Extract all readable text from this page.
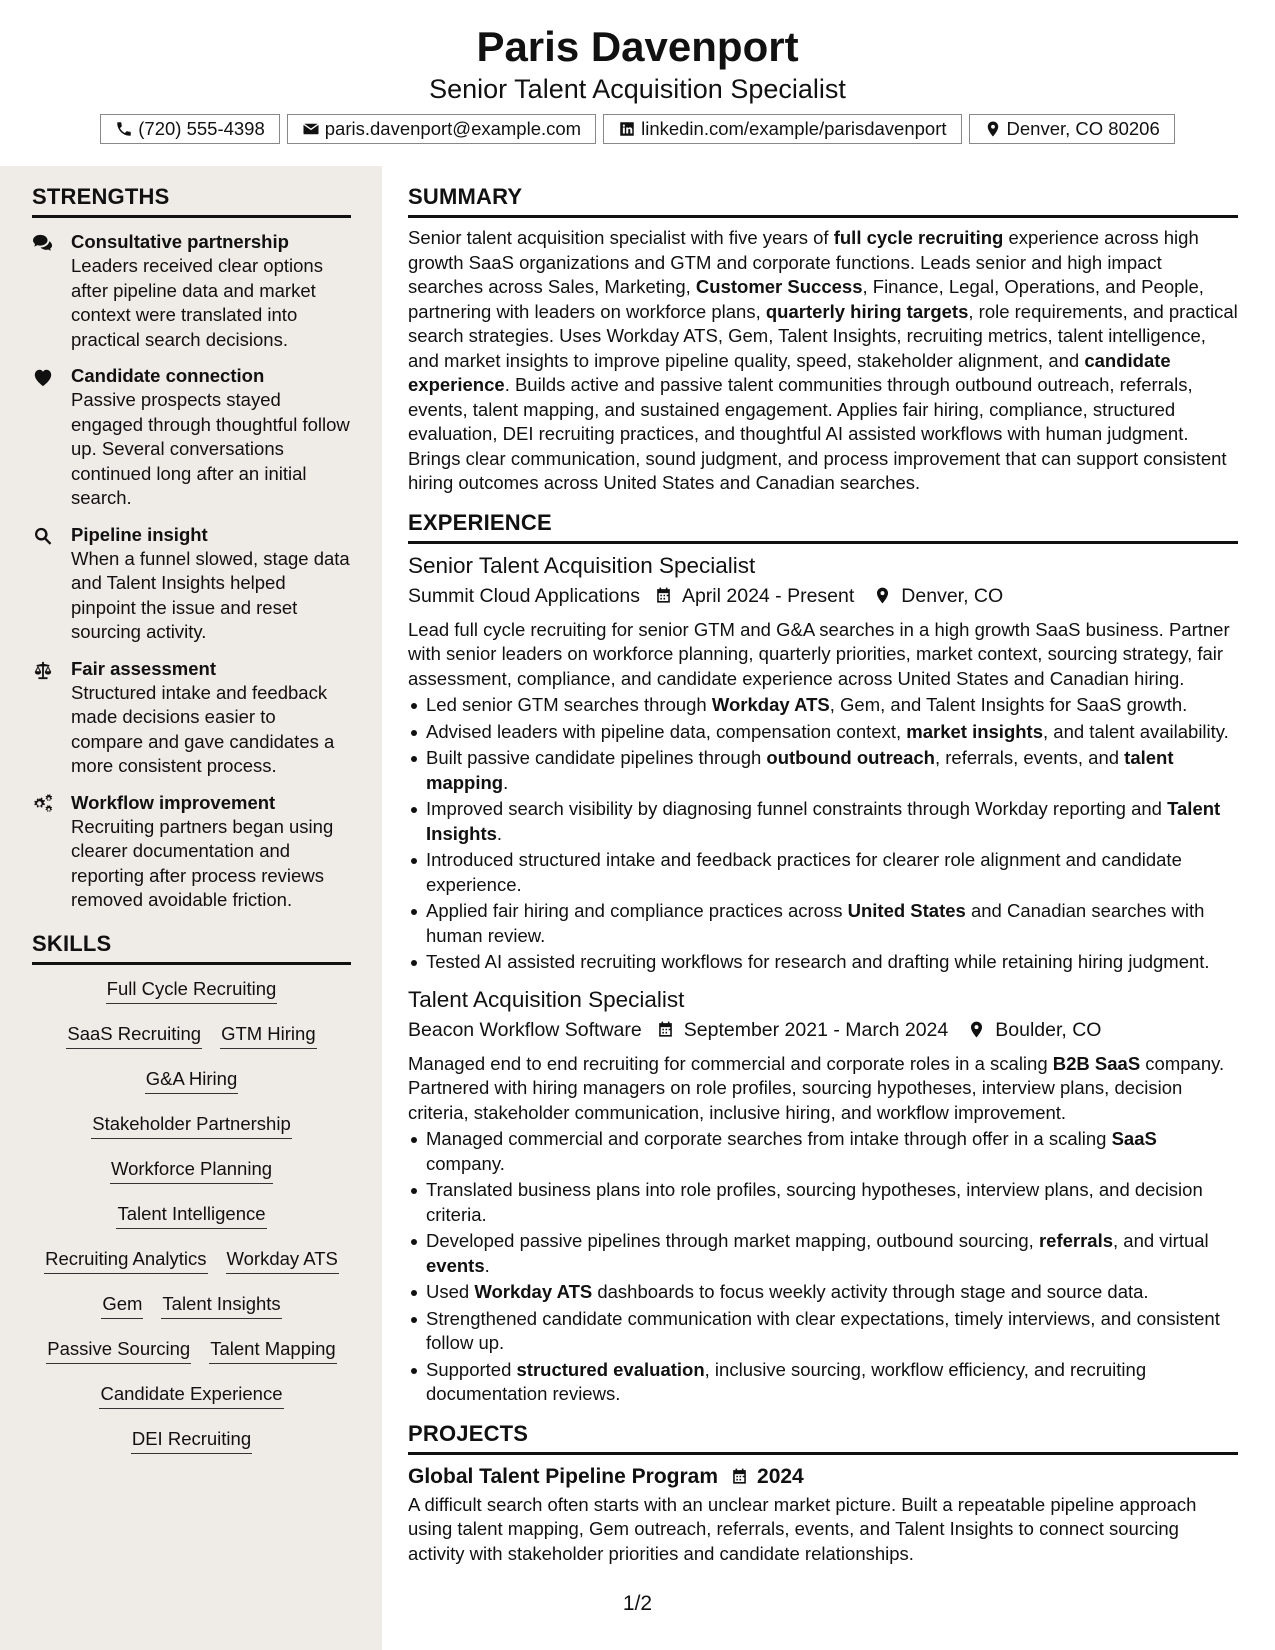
Paris Davenport
Senior Talent Acquisition Specialist
(720) 555-4398	paris.davenport@example.com	linkedin.com/example/parisdavenport	Denver, CO 80206
STRENGTHS
Consultative partnership
Leaders received clear options after pipeline data and market context were translated into practical search decisions.
Candidate connection
Passive prospects stayed engaged through thoughtful follow up. Several conversations continued long after an initial search.
Pipeline insight
When a funnel slowed, stage data and Talent Insights helped pinpoint the issue and reset sourcing activity.
Fair assessment
Structured intake and feedback made decisions easier to compare and gave candidates a more consistent process.
Workflow improvement
Recruiting partners began using clearer documentation and reporting after process reviews removed avoidable friction.
SKILLS
Full Cycle Recruiting
SaaS Recruiting GTM Hiring
G&A Hiring
Stakeholder Partnership
Workforce Planning
Talent Intelligence
Recruiting Analytics Workday ATS
Gem Talent Insights
Passive Sourcing Talent Mapping
Candidate Experience
DEI Recruiting
SUMMARY
Senior talent acquisition specialist with five years of full cycle recruiting experience across high growth SaaS organizations and GTM and corporate functions. Leads senior and high impact searches across Sales, Marketing, Customer Success, Finance, Legal, Operations, and People, partnering with leaders on workforce plans, quarterly hiring targets, role requirements, and practical search strategies. Uses Workday ATS, Gem, Talent Insights, recruiting metrics, talent intelligence, and market insights to improve pipeline quality, speed, stakeholder alignment, and candidate experience. Builds active and passive talent communities through outbound outreach, referrals, events, talent mapping, and sustained engagement. Applies fair hiring, compliance, structured evaluation, DEI recruiting practices, and thoughtful AI assisted workflows with human judgment. Brings clear communication, sound judgment, and process improvement that can support consistent hiring outcomes across United States and Canadian searches.
EXPERIENCE
Senior Talent Acquisition Specialist
Summit Cloud Applications April 2024 - Present Denver, CO
Lead full cycle recruiting for senior GTM and G&A searches in a high growth SaaS business. Partner with senior leaders on workforce planning, quarterly priorities, market context, sourcing strategy, fair assessment, compliance, and candidate experience across United States and Canadian hiring.
Led senior GTM searches through Workday ATS, Gem, and Talent Insights for SaaS growth.
Advised leaders with pipeline data, compensation context, market insights, and talent availability.
Built passive candidate pipelines through outbound outreach, referrals, events, and talent mapping.
Improved search visibility by diagnosing funnel constraints through Workday reporting and Talent Insights.
Introduced structured intake and feedback practices for clearer role alignment and candidate experience.
Applied fair hiring and compliance practices across United States and Canadian searches with human review.
Tested AI assisted recruiting workflows for research and drafting while retaining hiring judgment.
Talent Acquisition Specialist
Beacon Workflow Software September 2021 - March 2024 Boulder, CO
Managed end to end recruiting for commercial and corporate roles in a scaling B2B SaaS company. Partnered with hiring managers on role profiles, sourcing hypotheses, interview plans, decision criteria, stakeholder communication, inclusive hiring, and workflow improvement.
Managed commercial and corporate searches from intake through offer in a scaling SaaS company.
Translated business plans into role profiles, sourcing hypotheses, interview plans, and decision criteria.
Developed passive pipelines through market mapping, outbound sourcing, referrals, and virtual events.
Used Workday ATS dashboards to focus weekly activity through stage and source data.
Strengthened candidate communication with clear expectations, timely interviews, and consistent follow up.
Supported structured evaluation, inclusive sourcing, workflow efficiency, and recruiting documentation reviews.
PROJECTS
Global Talent Pipeline Program 2024
A difficult search often starts with an unclear market picture. Built a repeatable pipeline approach using talent mapping, Gem outreach, referrals, events, and Talent Insights to connect sourcing activity with stakeholder priorities and candidate relationships.
1/2
